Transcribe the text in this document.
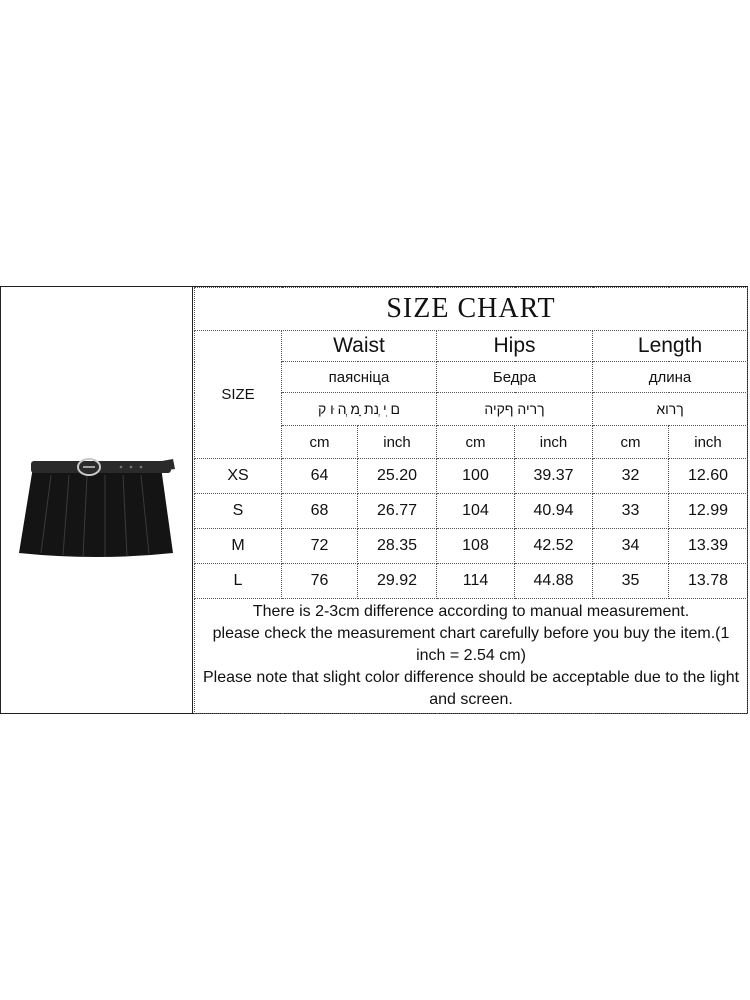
SIZE CHART						
SIZE	Waist		Hips		Length	
	паясніца		Бедра		длина	
	ם ִי ְנת ָמ ְה ּו ק		ךריה ףקיה		ךרוא	
	cm	inch	cm	inch	cm	inch
XS	64	25.20	100	39.37	32	12.60
S	68	26.77	104	40.94	33	12.99
M	72	28.35	108	42.52	34	13.39
L	76	29.92	114	44.88	35	13.78

There is 2-3cm difference according to manual measurement.
please check the measurement chart carefully before you buy the item.(1 inch = 2.54 cm)
Please note that slight color difference should be acceptable due to the light and screen.						
